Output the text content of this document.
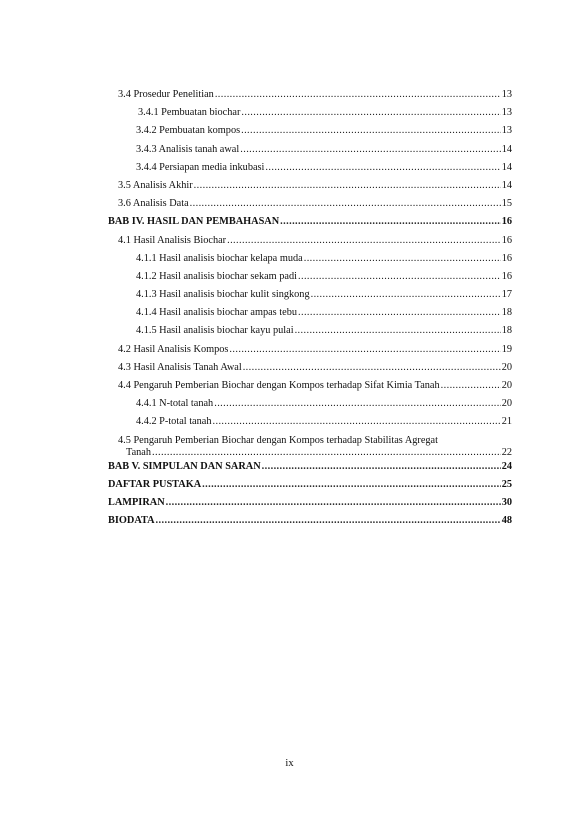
3.4 Prosedur Penelitian .....	13
3.4.1 Pembuatan biochar .....	13
3.4.2 Pembuatan kompos .....	13
3.4.3 Analisis tanah awal .....	14
3.4.4 Persiapan media inkubasi .....	14
3.5 Analisis Akhir .....	14
3.6 Analisis Data .....	15
BAB IV. HASIL DAN PEMBAHASAN .....	16
4.1 Hasil Analisis Biochar .....	16
4.1.1 Hasil analisis biochar kelapa muda .....	16
4.1.2 Hasil analisis biochar sekam padi .....	16
4.1.3 Hasil analisis biochar kulit singkong .....	17
4.1.4 Hasil analisis biochar ampas tebu .....	18
4.1.5 Hasil analisis biochar kayu pulai .....	18
4.2 Hasil Analisis Kompos .....	19
4.3 Hasil Analisis Tanah Awal .....	20
4.4 Pengaruh Pemberian Biochar dengan Kompos terhadap Sifat Kimia Tanah .....	20
4.4.1 N-total tanah .....	20
4.4.2 P-total tanah .....	21
4.5 Pengaruh Pemberian Biochar dengan Kompos terhadap Stabilitas Agregat
Tanah .....	22
BAB V. SIMPULAN DAN SARAN .....	24
DAFTAR PUSTAKA .....	25
LAMPIRAN .....	30
BIODATA .....	48
ix
